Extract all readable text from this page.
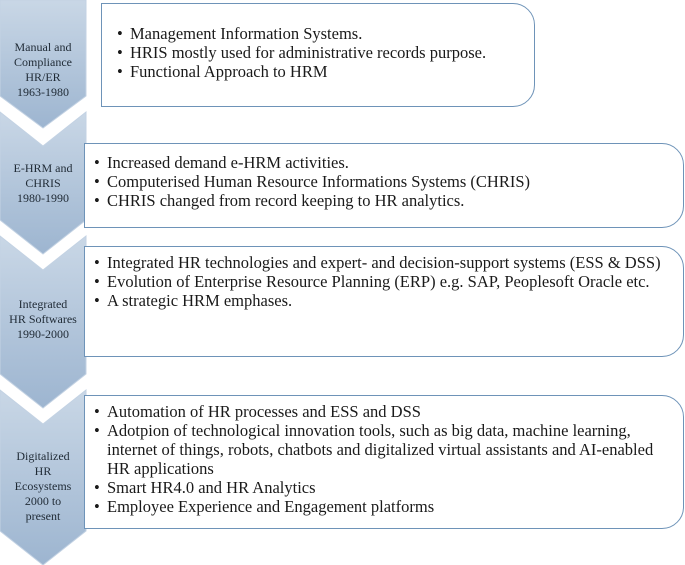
Manual and
Compliance
HR/ER
1963-1980
E-HRM and
CHRIS
1980-1990
Integrated
HR Softwares
1990-2000
Digitalized
HR
Ecosystems
2000 to
present
• Management Information Systems.
• HRIS mostly used for administrative records purpose.
• Functional Approach to HRM
• Increased demand e-HRM activities.
• Computerised Human Resource Informations Systems (CHRIS)
• CHRIS changed from record keeping to HR analytics.
• Integrated HR technologies and expert- and decision-support systems (ESS & DSS)
• Evolution of Enterprise Resource Planning (ERP) e.g. SAP, Peoplesoft Oracle etc.
• A strategic HRM emphases.
• Automation of HR processes and ESS and DSS
• Adotpion of technological innovation tools, such as big data, machine learning, internet of things, robots, chatbots and digitalized virtual assistants and AI-enabled HR applications
• Smart HR4.0 and HR Analytics
• Employee Experience and Engagement platforms
